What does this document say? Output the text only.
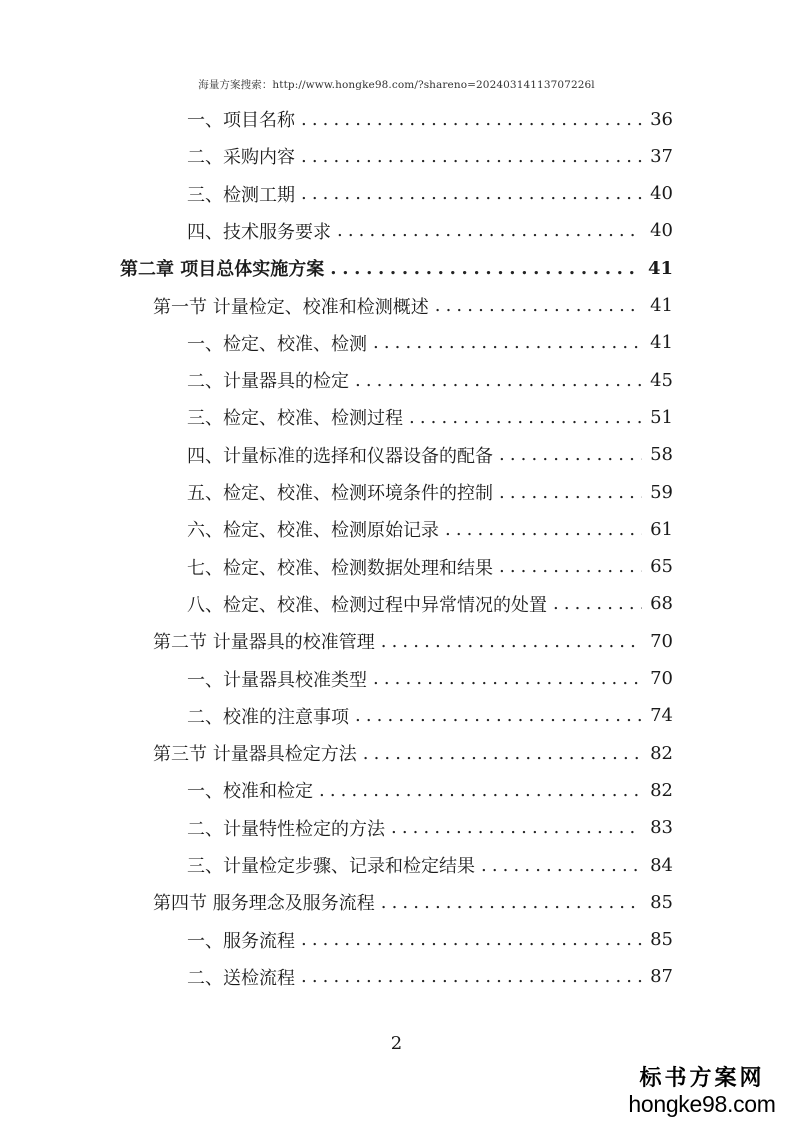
海量方案搜索：http://www.hongke98.com/?shareno=20240314113707226l
一、项目名称 . . .	36
二、采购内容 . . .	37
三、检测工期 . . .	40
四、技术服务要求 . . .	40
第二章 项目总体实施方案 . . .	41
第一节 计量检定、校准和检测概述 . . .	41
一、检定、校准、检测 . . .	41
二、计量器具的检定 . . .	45
三、检定、校准、检测过程 . . .	51
四、计量标准的选择和仪器设备的配备 . . .	58
五、检定、校准、检测环境条件的控制 . . .	59
六、检定、校准、检测原始记录 . . .	61
七、检定、校准、检测数据处理和结果 . . .	65
八、检定、校准、检测过程中异常情况的处置 . . .	68
第二节 计量器具的校准管理 . . .	70
一、计量器具校准类型 . . .	70
二、校准的注意事项 . . .	74
第三节 计量器具检定方法 . . .	82
一、校准和检定 . . .	82
二、计量特性检定的方法 . . .	83
三、计量检定步骤、记录和检定结果 . . .	84
第四节 服务理念及服务流程 . . .	85
一、服务流程 . . .	85
二、送检流程 . . .	87
2
标书方案网
hongke98.com
